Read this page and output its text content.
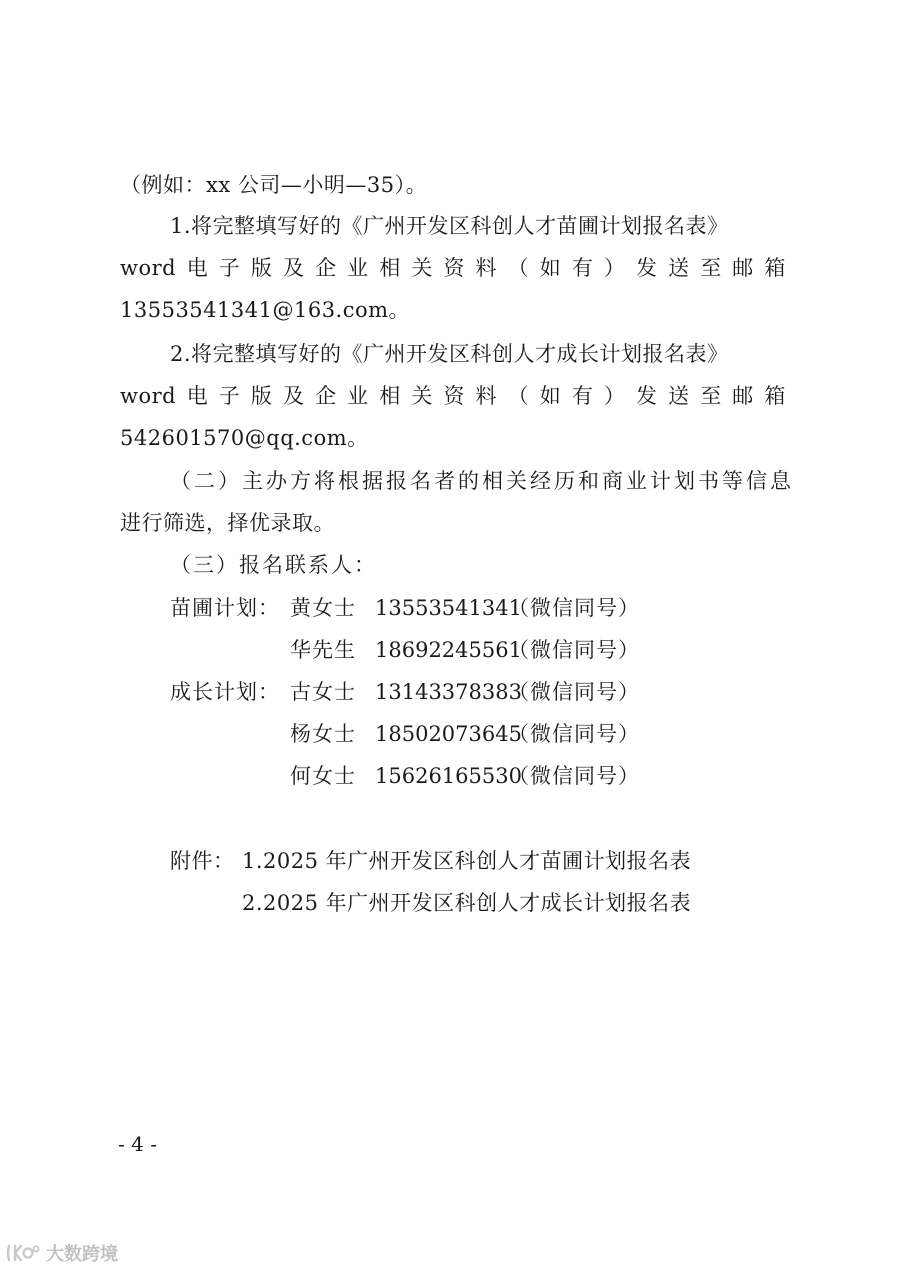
（例如：xx 公司—小明—35）。
1.将完整填写好的《广州开发区科创人才苗圃计划报名表》
word 电 子 版 及 企 业 相 关 资 料 （ 如 有 ） 发 送 至 邮 箱
13553541341@163.com。
2.将完整填写好的《广州开发区科创人才成长计划报名表》
word 电 子 版 及 企 业 相 关 资 料 （ 如 有 ） 发 送 至 邮 箱
542601570@qq.com。
（二）主办方将根据报名者的相关经历和商业计划书等信息
进行筛选，择优录取。
（三）报名联系人：
苗圃计划： 黄女士 13553541341
（微信同号）
华先生 18692245561
（微信同号）
成长计划： 古女士 13143378383
（微信同号）
杨女士 18502073645
（微信同号）
何女士 15626165530
（微信同号）
附件： 1.2025 年广州开发区科创人才苗圃计划报名表
2.2025 年广州开发区科创人才成长计划报名表
- 4 -
大数跨境
